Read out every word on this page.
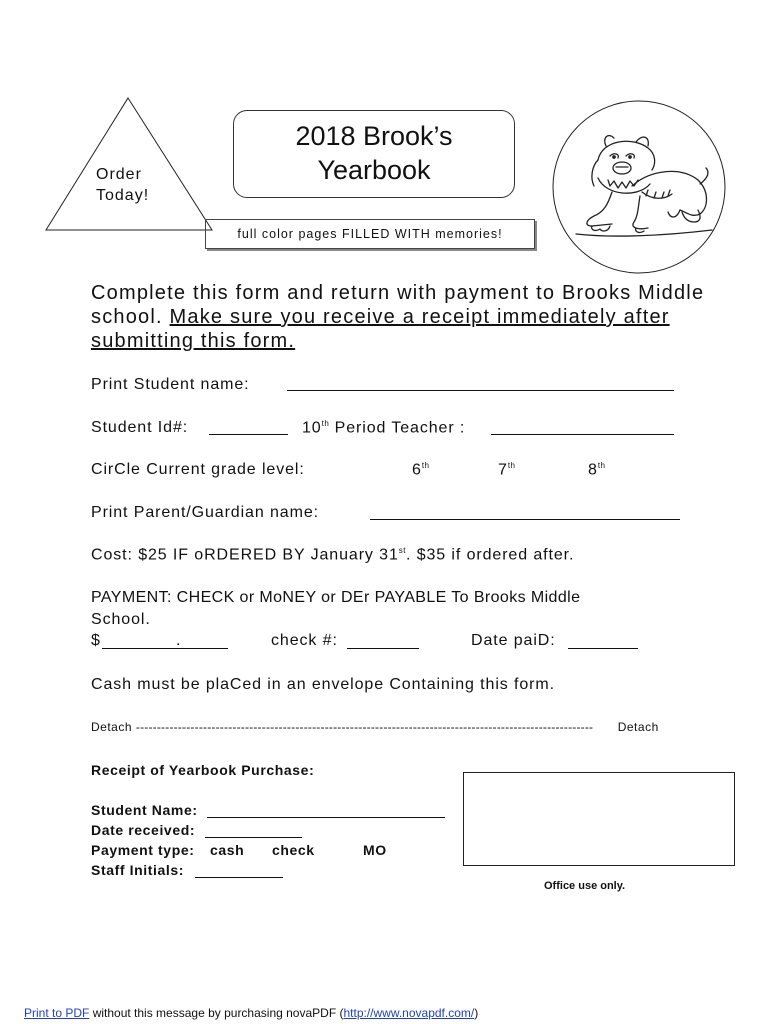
Order
Today!
2018 Brook’s
Yearbook
full color pages FILLED WITH memories!
Complete this form and return with payment to Brooks Middle school. Make sure you receive a receipt immediately after submitting this form.
Print Student name:
Student Id#:	10th Period Teacher :
CirCle Current grade level:	6th	7th	8th
Print Parent/Guardian name:
Cost: $25 IF oRDERED BY January 31st. $35 if ordered after.
PAYMENT: CHECK or MoNEY or DEr PAYABLE To Brooks Middle
School.
$	.	check #:	Date paiD:
Cash must be plaCed in an envelope Containing this form.
Detach ------------------------------------------------------------------------------------------------------------- Detach
Receipt of Yearbook Purchase:
Student Name:
Date received:
Payment type: cash check	MO
Staff Initials:
Office use only.
Print to PDF without this message by purchasing novaPDF (http://www.novapdf.com/)
